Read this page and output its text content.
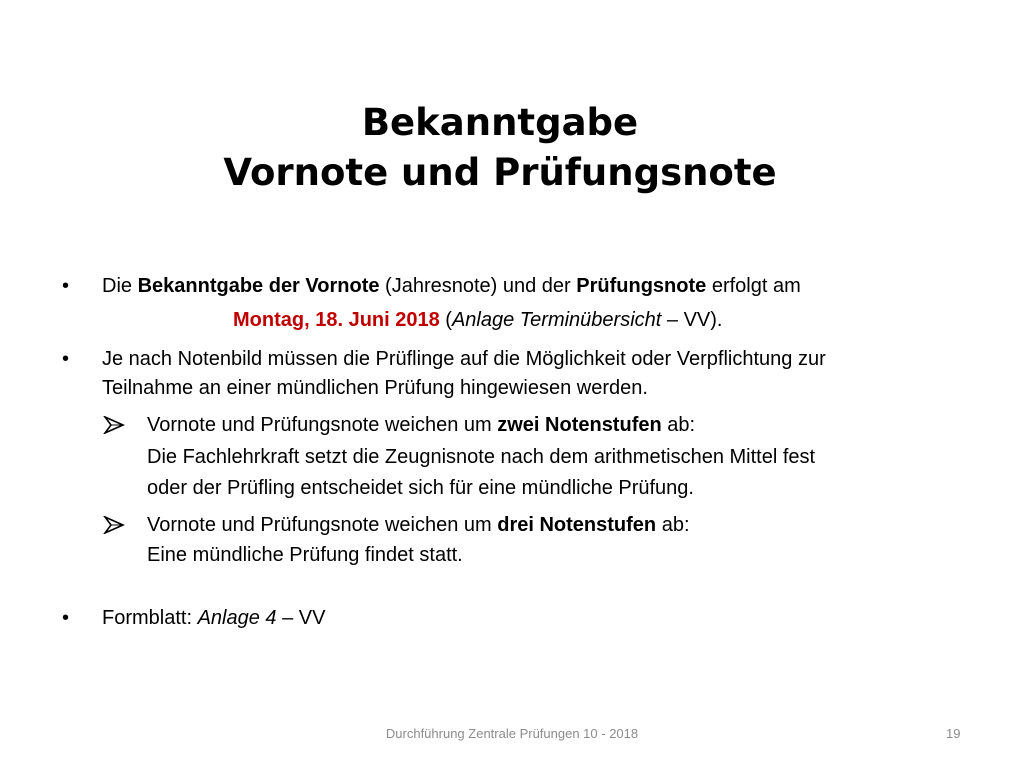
Bekanntgabe
Vornote und Prüfungsnote
• Die Bekanntgabe der Vornote (Jahresnote) und der Prüfungsnote erfolgt am
Montag, 18. Juni 2018 (Anlage Terminübersicht – VV).
• Je nach Notenbild müssen die Prüflinge auf die Möglichkeit oder Verpflichtung zur
Teilnahme an einer mündlichen Prüfung hingewiesen werden.
Vornote und Prüfungsnote weichen um zwei Notenstufen ab:
Die Fachlehrkraft setzt die Zeugnisnote nach dem arithmetischen Mittel fest
oder der Prüfling entscheidet sich für eine mündliche Prüfung.
Vornote und Prüfungsnote weichen um drei Notenstufen ab:
Eine mündliche Prüfung findet statt.
• Formblatt: Anlage 4 – VV
Durchführung Zentrale Prüfungen 10 - 2018	19
